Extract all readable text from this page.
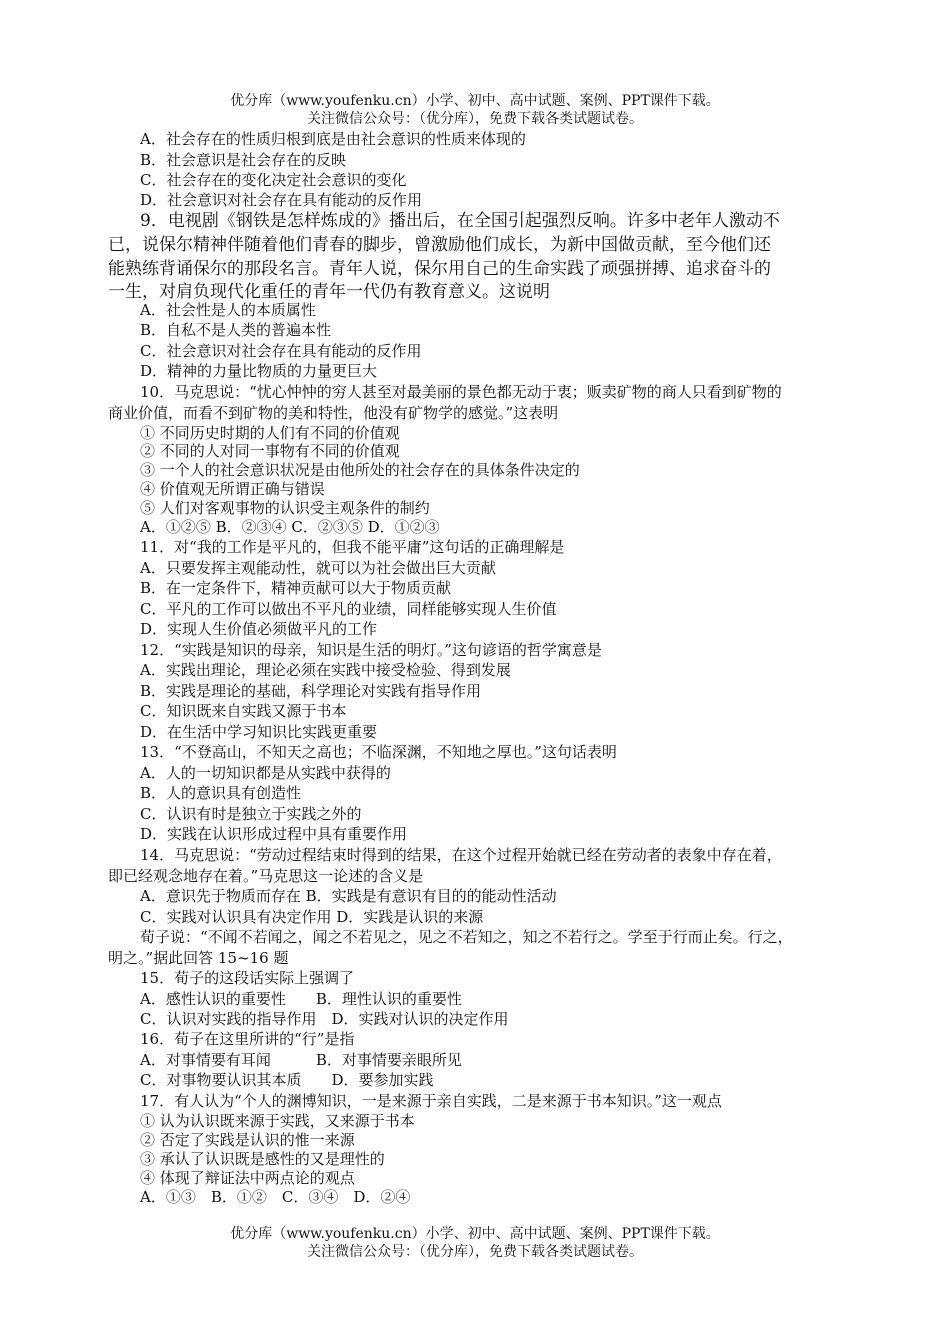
优分库（www.youfenku.cn）小学、初中、高中试题、案例、PPT课件下载。
关注微信公众号：（优分库），免费下载各类试题试卷。
A．社会存在的性质归根到底是由社会意识的性质来体现的
B．社会意识是社会存在的反映
C．社会存在的变化决定社会意识的变化
D．社会意识对社会存在具有能动的反作用
9．电视剧《钢铁是怎样炼成的》播出后，在全国引起强烈反响。许多中老年人激动不
已，说保尔精神伴随着他们青春的脚步，曾激励他们成长，为新中国做贡献，至今他们还
能熟练背诵保尔的那段名言。青年人说，保尔用自己的生命实践了顽强拼搏、追求奋斗的
一生，对肩负现代化重任的青年一代仍有教育意义。这说明
A．社会性是人的本质属性
B．自私不是人类的普遍本性
C．社会意识对社会存在具有能动的反作用
D．精神的力量比物质的力量更巨大
10．马克思说：“忧心忡忡的穷人甚至对最美丽的景色都无动于衷；贩卖矿物的商人只看到矿物的
商业价值，而看不到矿物的美和特性，他没有矿物学的感觉。”这表明
① 不同历史时期的人们有不同的价值观
② 不同的人对同一事物有不同的价值观
③ 一个人的社会意识状况是由他所处的社会存在的具体条件决定的
④ 价值观无所谓正确与错误
⑤ 人们对客观事物的认识受主观条件的制约
A．①②⑤ B．②③④ C．②③⑤ D．①②③
11．对“我的工作是平凡的，但我不能平庸”这句话的正确理解是
A．只要发挥主观能动性，就可以为社会做出巨大贡献
B．在一定条件下，精神贡献可以大于物质贡献
C．平凡的工作可以做出不平凡的业绩，同样能够实现人生价值
D．实现人生价值必须做平凡的工作
12．“实践是知识的母亲，知识是生活的明灯。”这句谚语的哲学寓意是
A．实践出理论，理论必须在实践中接受检验、得到发展
B．实践是理论的基础，科学理论对实践有指导作用
C．知识既来自实践又源于书本
D．在生活中学习知识比实践更重要
13．“不登高山，不知天之高也；不临深渊，不知地之厚也。”这句话表明
A．人的一切知识都是从实践中获得的
B．人的意识具有创造性
C．认识有时是独立于实践之外的
D．实践在认识形成过程中具有重要作用
14．马克思说：“劳动过程结束时得到的结果，在这个过程开始就已经在劳动者的表象中存在着，
即已经观念地存在着。”马克思这一论述的含义是
A．意识先于物质而存在 B．实践是有意识有目的的能动性活动
C．实践对认识具有决定作用 D．实践是认识的来源
荀子说：“不闻不若闻之，闻之不若见之，见之不若知之，知之不若行之。学至于行而止矣。行之，
明之。”据此回答 15~16 题
15．荀子的这段话实际上强调了
A．感性认识的重要性　　B．理性认识的重要性
C．认识对实践的指导作用　D．实践对认识的决定作用
16．荀子在这里所讲的“行”是指
A．对事情要有耳闻　　　B．对事情要亲眼所见
C．对事物要认识其本质　　D．要参加实践
17．有人认为“个人的渊博知识，一是来源于亲自实践，二是来源于书本知识。”这一观点
① 认为认识既来源于实践，又来源于书本
② 否定了实践是认识的惟一来源
③ 承认了认识既是感性的又是理性的
④ 体现了辩证法中两点论的观点
A．①③　B．①②　C．③④　D．②④
优分库（www.youfenku.cn）小学、初中、高中试题、案例、PPT课件下载。
关注微信公众号：（优分库），免费下载各类试题试卷。
